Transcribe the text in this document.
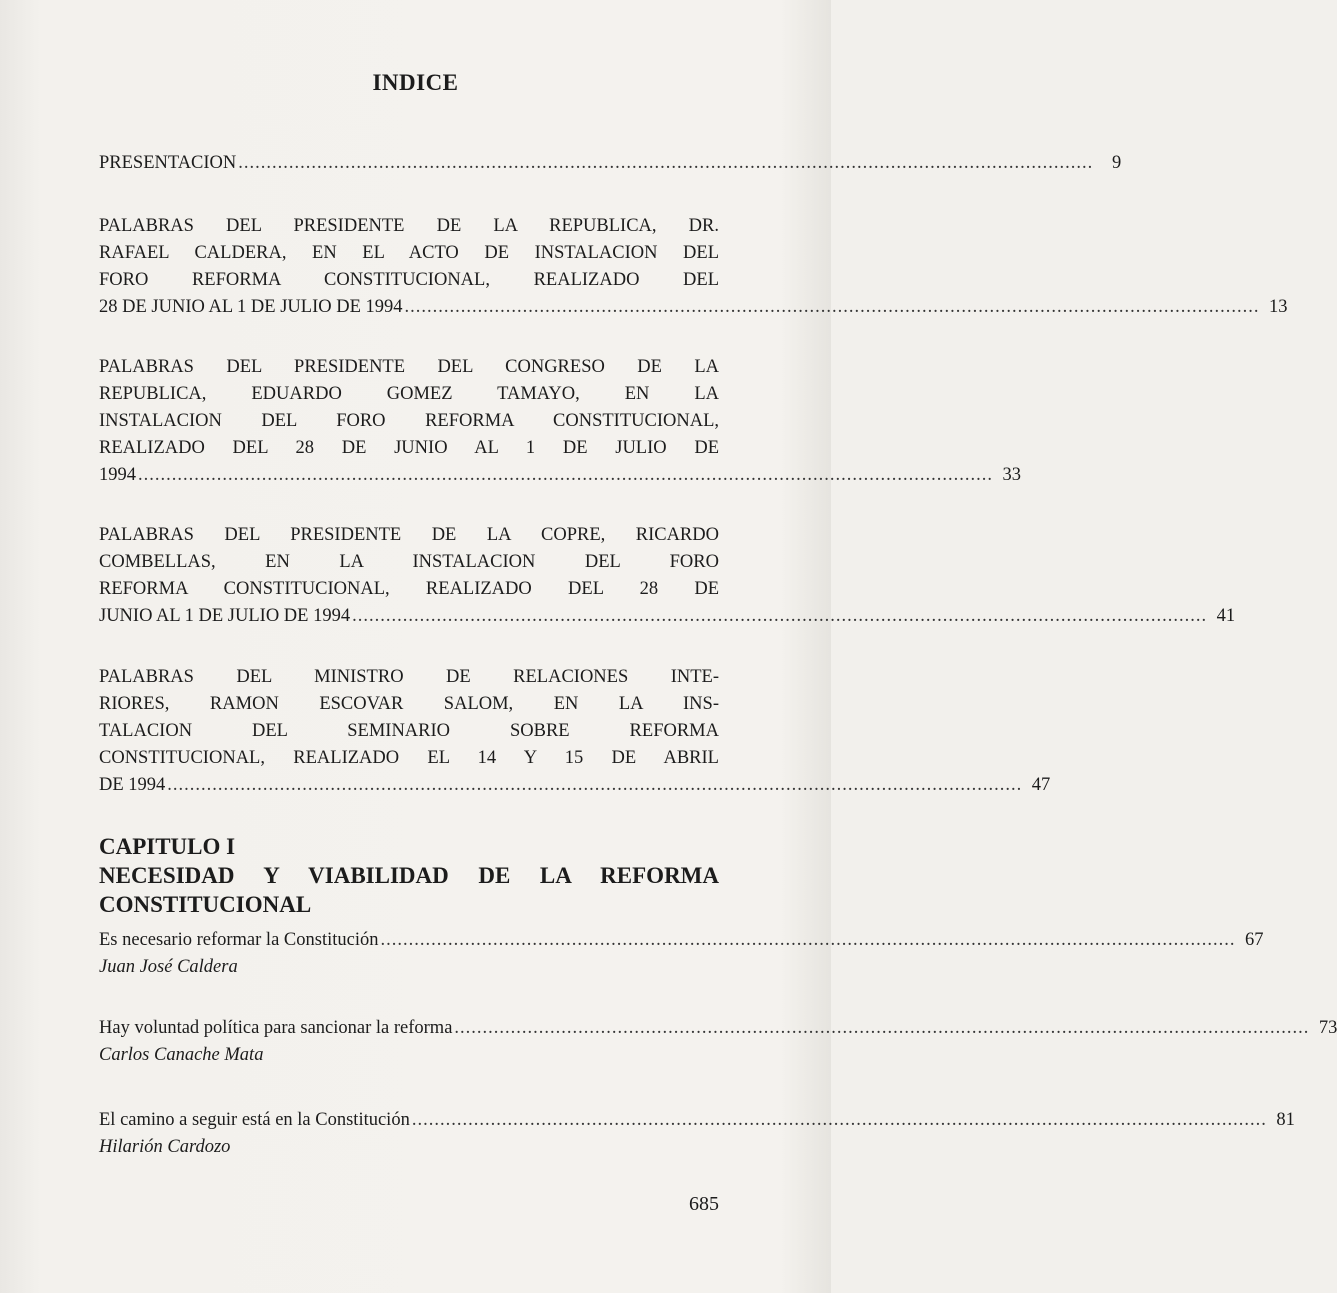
INDICE
PRESENTACION ........................................................................................................................................................	9
PALABRAS DEL PRESIDENTE DE LA REPUBLICA, DR.
RAFAEL CALDERA, EN EL ACTO DE INSTALACION DEL
FORO REFORMA CONSTITUCIONAL, REALIZADO DEL
28 DE JUNIO AL 1 DE JULIO DE 1994 ........................................................................................................................................................ 13
PALABRAS DEL PRESIDENTE DEL CONGRESO DE LA
REPUBLICA, EDUARDO GOMEZ TAMAYO, EN LA
INSTALACION DEL FORO REFORMA CONSTITUCIONAL,
REALIZADO DEL 28 DE JUNIO AL 1 DE JULIO DE
1994 ........................................................................................................................................................ 33
PALABRAS DEL PRESIDENTE DE LA COPRE, RICARDO
COMBELLAS, EN LA INSTALACION DEL FORO
REFORMA CONSTITUCIONAL, REALIZADO DEL 28 DE
JUNIO AL 1 DE JULIO DE 1994 ........................................................................................................................................................ 41
PALABRAS DEL MINISTRO DE RELACIONES INTE-
RIORES, RAMON ESCOVAR SALOM, EN LA INS-
TALACION DEL SEMINARIO SOBRE REFORMA
CONSTITUCIONAL, REALIZADO EL 14 Y 15 DE ABRIL
DE 1994 ........................................................................................................................................................ 47
CAPITULO I
NECESIDAD Y VIABILIDAD DE LA REFORMA
CONSTITUCIONAL
Es necesario reformar la Constitución ........................................................................................................................................................ 67
Juan José Caldera
Hay voluntad política para sancionar la reforma ........................................................................................................................................................ 73
Carlos Canache Mata
El camino a seguir está en la Constitución ........................................................................................................................................................ 81
Hilarión Cardozo
685
